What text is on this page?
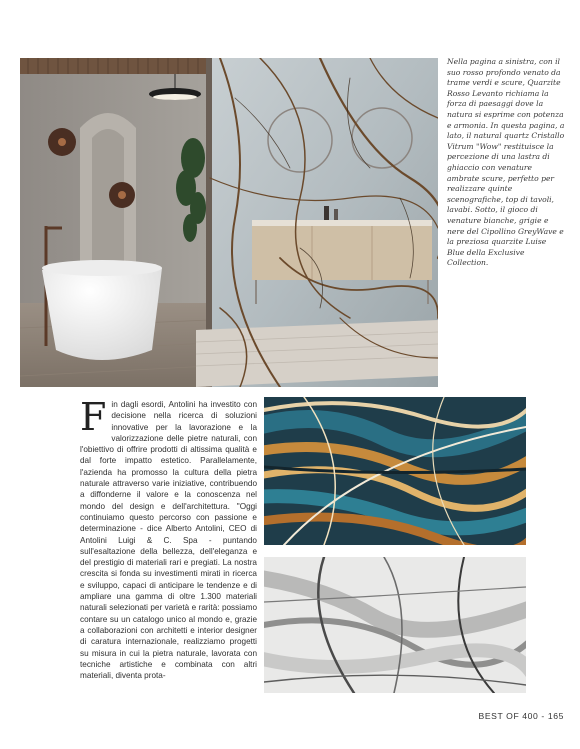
Nella pagina a sinistra, con il suo rosso profondo venato da trame verdi e scure, Quarzite Rosso Levanto richiama la forza di paesaggi dove la natura si esprime con potenza e armonia. In questa pagina, a lato, il natural quartz Cristallo Vitrum "Wow" restituisce la percezione di una lastra di ghiaccio con venature ambrate scure, perfetto per realizzare quinte scenografiche, top di tavoli, lavabi. Sotto, il gioco di venature bianche, grigie e nere del Cipollino GreyWave e la preziosa quarzite Luise Blue della Exclusive Collection.

Fin dagli esordi, Antolini ha investito con decisione nella ricerca di soluzioni innovative per la lavorazione e la valorizzazione delle pietre naturali, con l'obiettivo di offrire prodotti di altissima qualità e dal forte impatto estetico. Parallelamente, l'azienda ha promosso la cultura della pietra naturale attraverso varie iniziative, contribuendo a diffonderne il valore e la conoscenza nel mondo del design e dell'architettura. "Oggi continuiamo questo percorso con passione e determinazione - dice Alberto Antolini, CEO di Antolini Luigi & C. Spa - puntando sull'esaltazione della bellezza, dell'eleganza e del prestigio di materiali rari e pregiati. La nostra crescita si fonda su investimenti mirati in ricerca e sviluppo, capaci di anticipare le tendenze e di ampliare una gamma di oltre 1.300 materiali naturali selezionati per varietà e rarità: possiamo contare su un catalogo unico al mondo e, grazie a collaborazioni con architetti e interior designer di caratura internazionale, realizziamo progetti su misura in cui la pietra naturale, lavorata con tecniche artistiche e combinata con altri materiali, diventa prota-

BEST OF 400 - 165
